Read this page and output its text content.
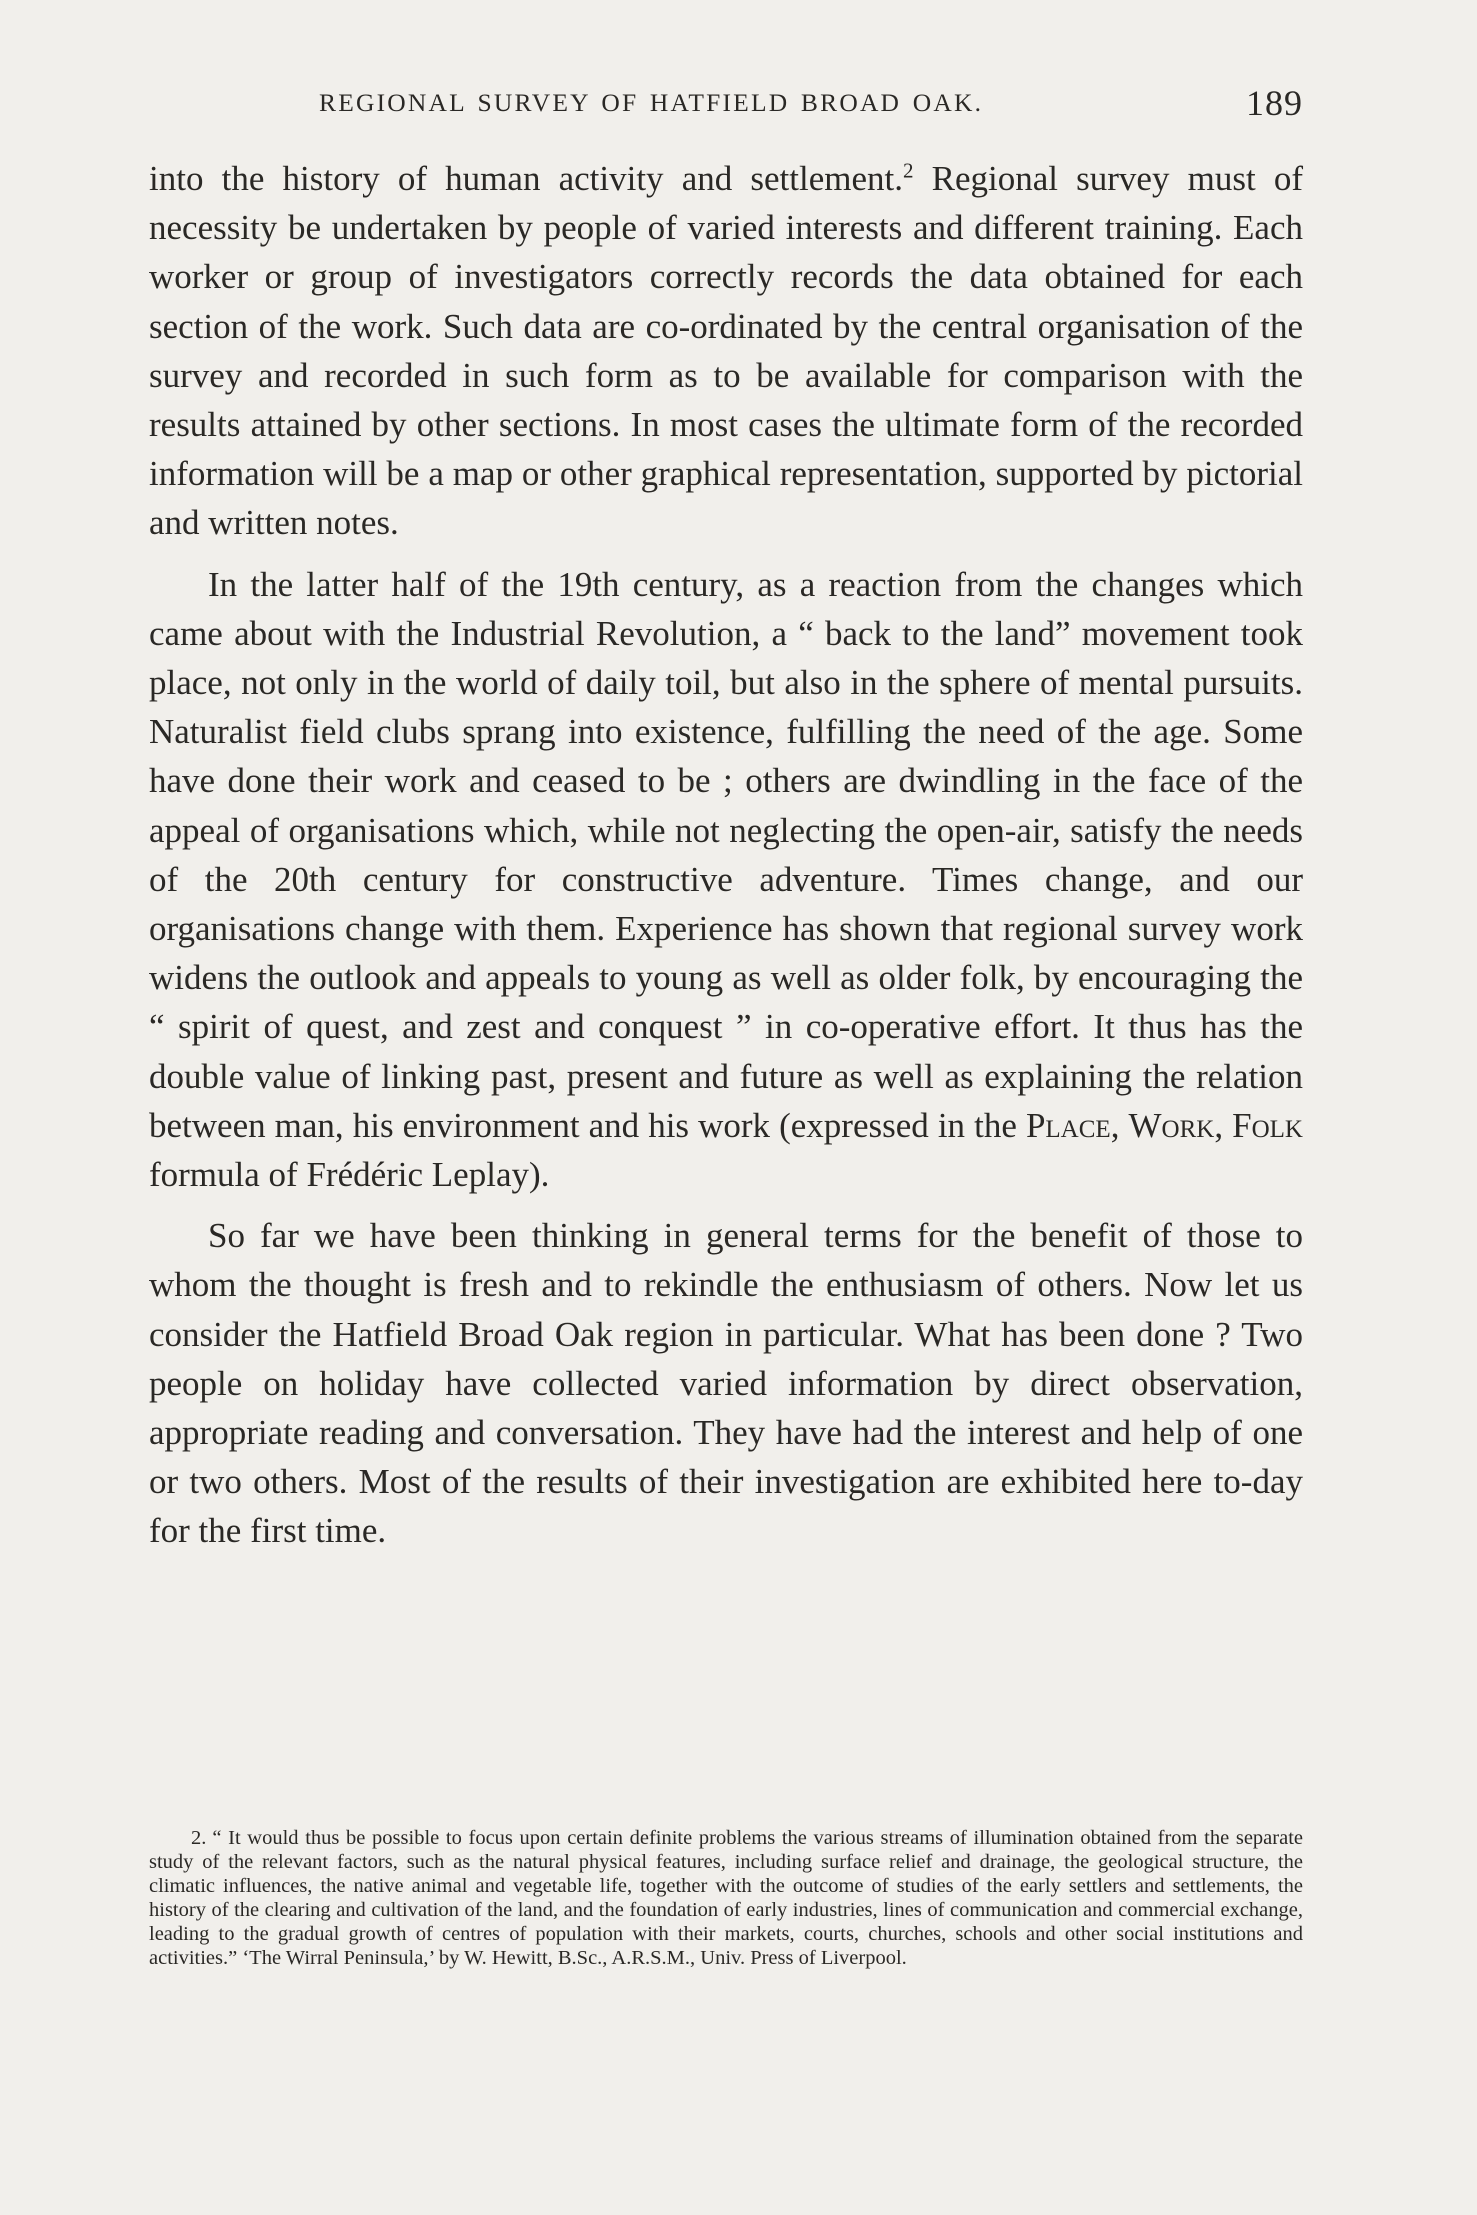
REGIONAL SURVEY OF HATFIELD BROAD OAK.	189

into the history of human activity and settlement.$^2$ Regional survey must of necessity be undertaken by people of varied interests and different training. Each worker or group of investigators correctly records the data obtained for each section of the work. Such data are co-ordinated by the central organisation of the survey and recorded in such form as to be available for comparison with the results attained by other sections. In most cases the ultimate form of the recorded information will be a map or other graphical representation, supported by pictorial and written notes.

In the latter half of the 19th century, as a reaction from the changes which came about with the Industrial Revolution, a “ back to the land” movement took place, not only in the world of daily toil, but also in the sphere of mental pursuits. Naturalist field clubs sprang into existence, fulfilling the need of the age. Some have done their work and ceased to be ; others are dwindling in the face of the appeal of organisations which, while not neglecting the open-air, satisfy the needs of the 20th century for constructive adventure. Times change, and our organisations change with them. Experience has shown that regional survey work widens the outlook and appeals to young as well as older folk, by encouraging the “ spirit of quest, and zest and conquest ” in co-operative effort. It thus has the double value of linking past, present and future as well as explaining the relation between man, his environment and his work (expressed in the Place, Work, Folk formula of Frédéric Leplay).

So far we have been thinking in general terms for the benefit of those to whom the thought is fresh and to rekindle the enthusiasm of others. Now let us consider the Hatfield Broad Oak region in particular. What has been done ? Two people on holiday have collected varied information by direct observation, appropriate reading and conversation. They have had the interest and help of one or two others. Most of the results of their investigation are exhibited here to-day for the first time.

2. “ It would thus be possible to focus upon certain definite problems the various streams of illumination obtained from the separate study of the relevant factors, such as the natural physical features, including surface relief and drainage, the geological structure, the climatic influences, the native animal and vegetable life, together with the outcome of studies of the early settlers and settlements, the history of the clearing and cultivation of the land, and the foundation of early industries, lines of communication and commercial exchange, leading to the gradual growth of centres of population with their markets, courts, churches, schools and other social institutions and activities.” ‘The Wirral Peninsula,’ by W. Hewitt, B.Sc., A.R.S.M., Univ. Press of Liverpool.
